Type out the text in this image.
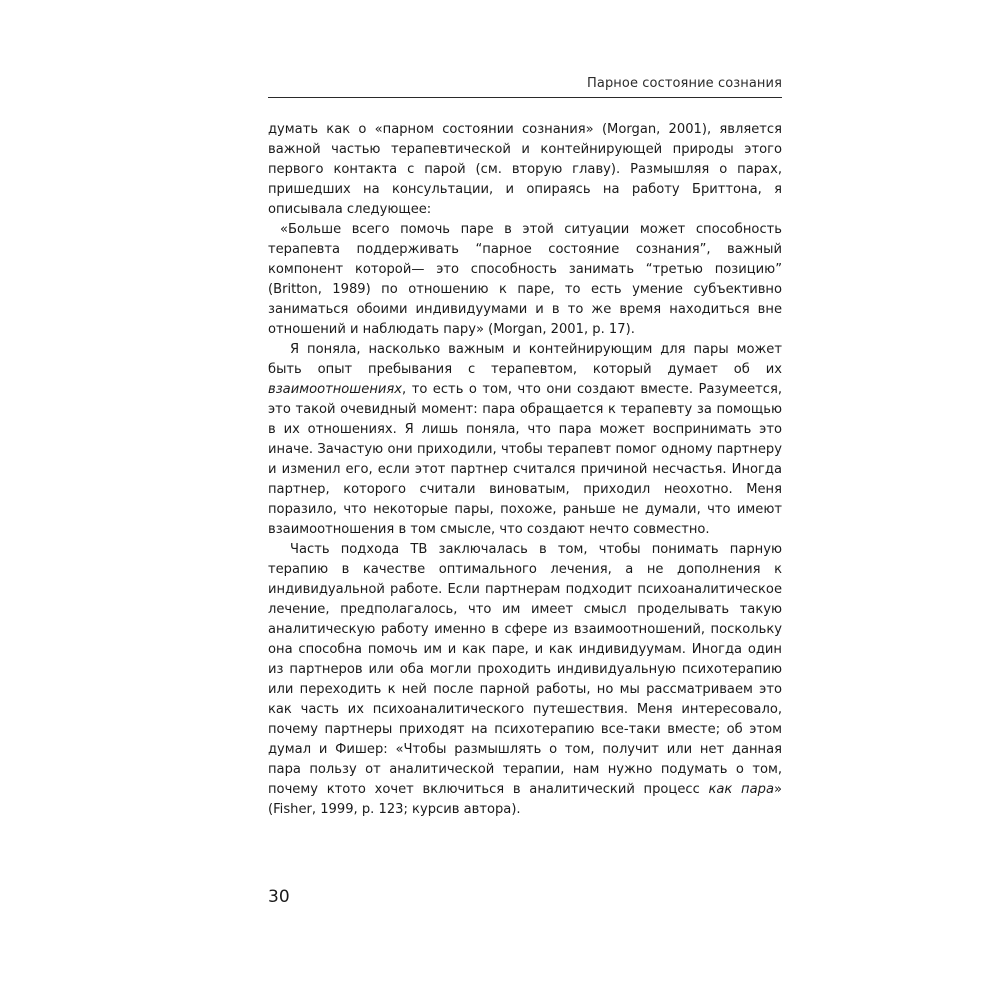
Парное состояние сознания

думать как о «парном состоянии сознания» (Morgan, 2001), является важной частью терапевтической и контейнирующей природы этого первого контакта с парой (см. вторую главу). Размышляя о парах, пришедших на консультации, и опираясь на работу Бриттона, я описывала следующее:

«Больше всего помочь паре в этой ситуации может способность терапевта поддерживать “парное состояние сознания”, важный компонент которой— это способность занимать “третью позицию” (Britton, 1989) по отношению к паре, то есть умение субъективно заниматься обоими индивидуумами и в то же время находиться вне отношений и наблюдать пару» (Morgan, 2001, p. 17).

Я поняла, насколько важным и контейнирующим для пары может быть опыт пребывания с терапевтом, который думает об их взаимоотношениях, то есть о том, что они создают вместе. Разумеется, это такой очевидный момент: пара обращается к терапевту за помощью в их отношениях. Я лишь поняла, что пара может воспринимать это иначе. Зачастую они приходили, чтобы терапевт помог одному партнеру и изменил его, если этот партнер считался причиной несчастья. Иногда партнер, которого считали виноватым, приходил неохотно. Меня поразило, что некоторые пары, похоже, раньше не думали, что имеют взаимоотношения в том смысле, что создают нечто совместно.

Часть подхода ТВ заключалась в том, чтобы понимать парную терапию в качестве оптимального лечения, а не дополнения к индивидуальной работе. Если партнерам подходит психоаналитическое лечение, предполагалось, что им имеет смысл проделывать такую аналитическую работу именно в сфере из взаимоотношений, поскольку она способна помочь им и как паре, и как индивидуумам. Иногда один из партнеров или оба могли проходить индивидуальную психотерапию или переходить к ней после парной работы, но мы рассматриваем это как часть их психоаналитического путешествия. Меня интересовало, почему партнеры приходят на психотерапию все-таки вместе; об этом думал и Фишер: «Чтобы размышлять о том, получит или нет данная пара пользу от аналитической терапии, нам нужно подумать о том, почему ктото хочет включиться в аналитический процесс как пара» (Fisher, 1999, p. 123; курсив автора).

30
